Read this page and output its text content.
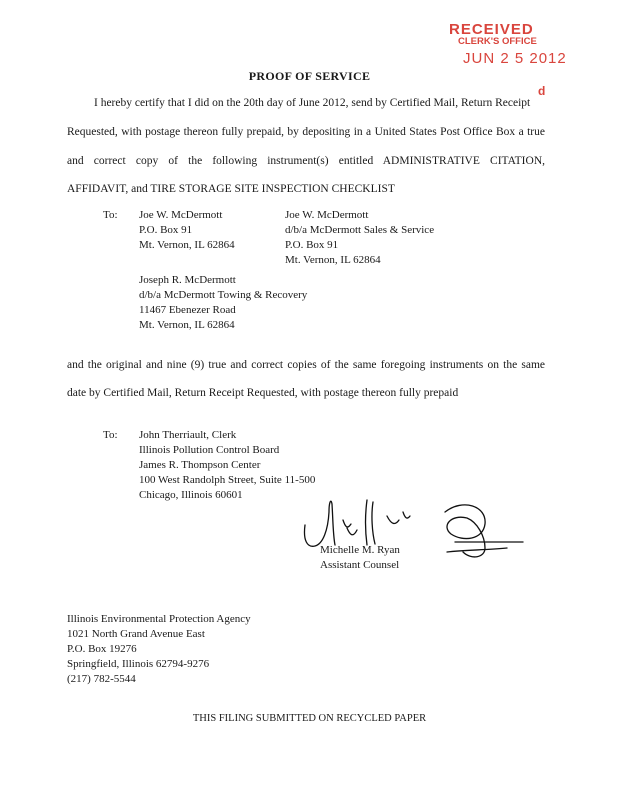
RECEIVED
CLERK'S OFFICE
JUN 2 5 2012
d
PROOF OF SERVICE
I hereby certify that I did on the 20th day of June 2012, send by Certified Mail, Return Receipt
Requested, with postage thereon fully prepaid, by depositing in a United States Post Office Box a true
and correct copy of the following instrument(s) entitled ADMINISTRATIVE CITATION,
AFFIDAVIT, and TIRE STORAGE SITE INSPECTION CHECKLIST
To: Joe W. McDermott
P.O. Box 91
Mt. Vernon, IL 62864
Joe W. McDermott
d/b/a McDermott Sales & Service
P.O. Box 91
Mt. Vernon, IL 62864
Joseph R. McDermott
d/b/a McDermott Towing & Recovery
11467 Ebenezer Road
Mt. Vernon, IL 62864
and the original and nine (9) true and correct copies of the same foregoing instruments on the same
date by Certified Mail, Return Receipt Requested, with postage thereon fully prepaid
To: John Therriault, Clerk
Illinois Pollution Control Board
James R. Thompson Center
100 West Randolph Street, Suite 11-500
Chicago, Illinois 60601
Michelle M. Ryan
Assistant Counsel
Illinois Environmental Protection Agency
1021 North Grand Avenue East
P.O. Box 19276
Springfield, Illinois 62794-9276
(217) 782-5544
THIS FILING SUBMITTED ON RECYCLED PAPER
